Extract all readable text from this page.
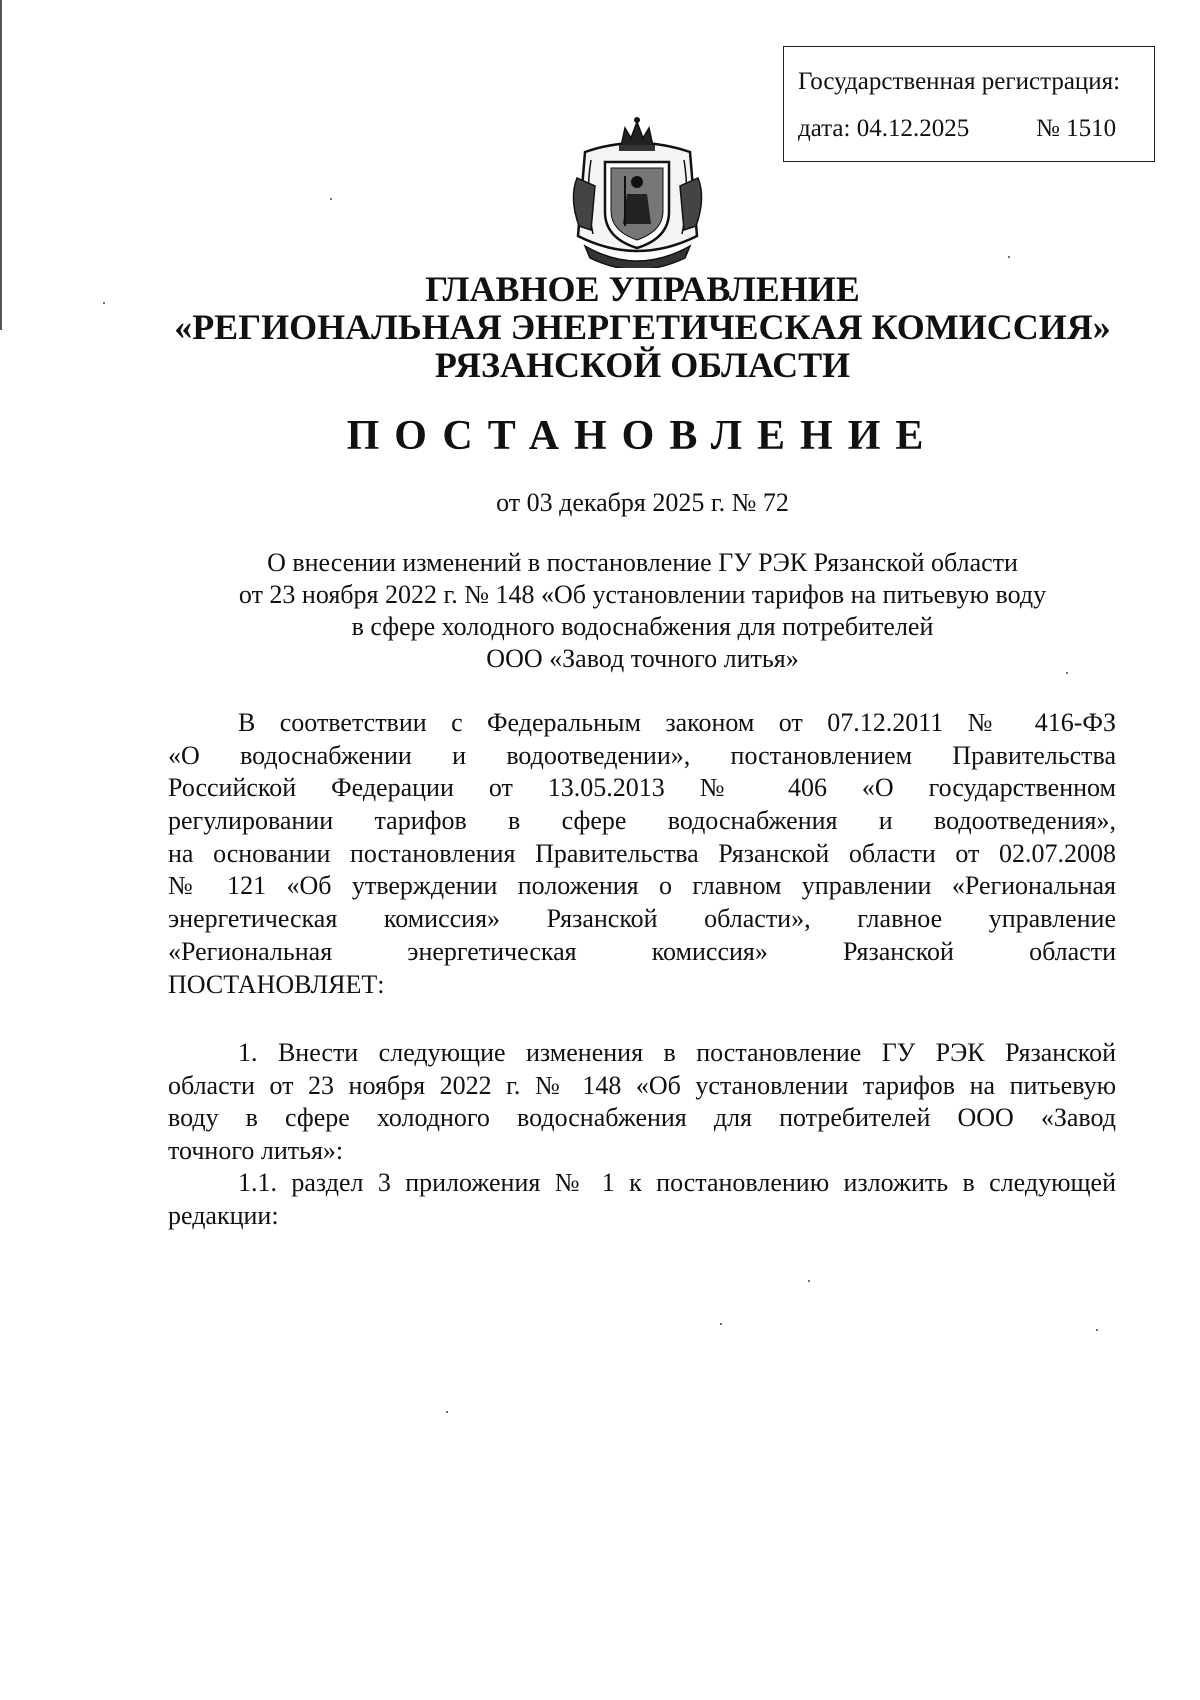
Государственная регистрация:
дата: 04.12.2025	№ 1510
ГЛАВНОЕ УПРАВЛЕНИЕ
«РЕГИОНАЛЬНАЯ ЭНЕРГЕТИЧЕСКАЯ КОМИССИЯ»
РЯЗАНСКОЙ ОБЛАСТИ
ПОСТАНОВЛЕНИЕ
от 03 декабря 2025 г. № 72
О внесении изменений в постановление ГУ РЭК Рязанской области
от 23 ноября 2022 г. № 148 «Об установлении тарифов на питьевую воду
в сфере холодного водоснабжения для потребителей
ООО «Завод точного литья»
В соответствии с Федеральным законом от 07.12.2011 № 416-ФЗ
«О водоснабжении и водоотведении», постановлением Правительства
Российской Федерации от 13.05.2013 № 406 «О государственном
регулировании тарифов в сфере водоснабжения и водоотведения»,
на основании постановления Правительства Рязанской области от 02.07.2008
№ 121 «Об утверждении положения о главном управлении «Региональная
энергетическая комиссия» Рязанской области», главное управление
«Региональная энергетическая комиссия» Рязанской области
ПОСТАНОВЛЯЕТ:
1. Внести следующие изменения в постановление ГУ РЭК Рязанской
области от 23 ноября 2022 г. № 148 «Об установлении тарифов на питьевую
воду в сфере холодного водоснабжения для потребителей ООО «Завод
точного литья»:
1.1. раздел 3 приложения № 1 к постановлению изложить в следующей
редакции:
